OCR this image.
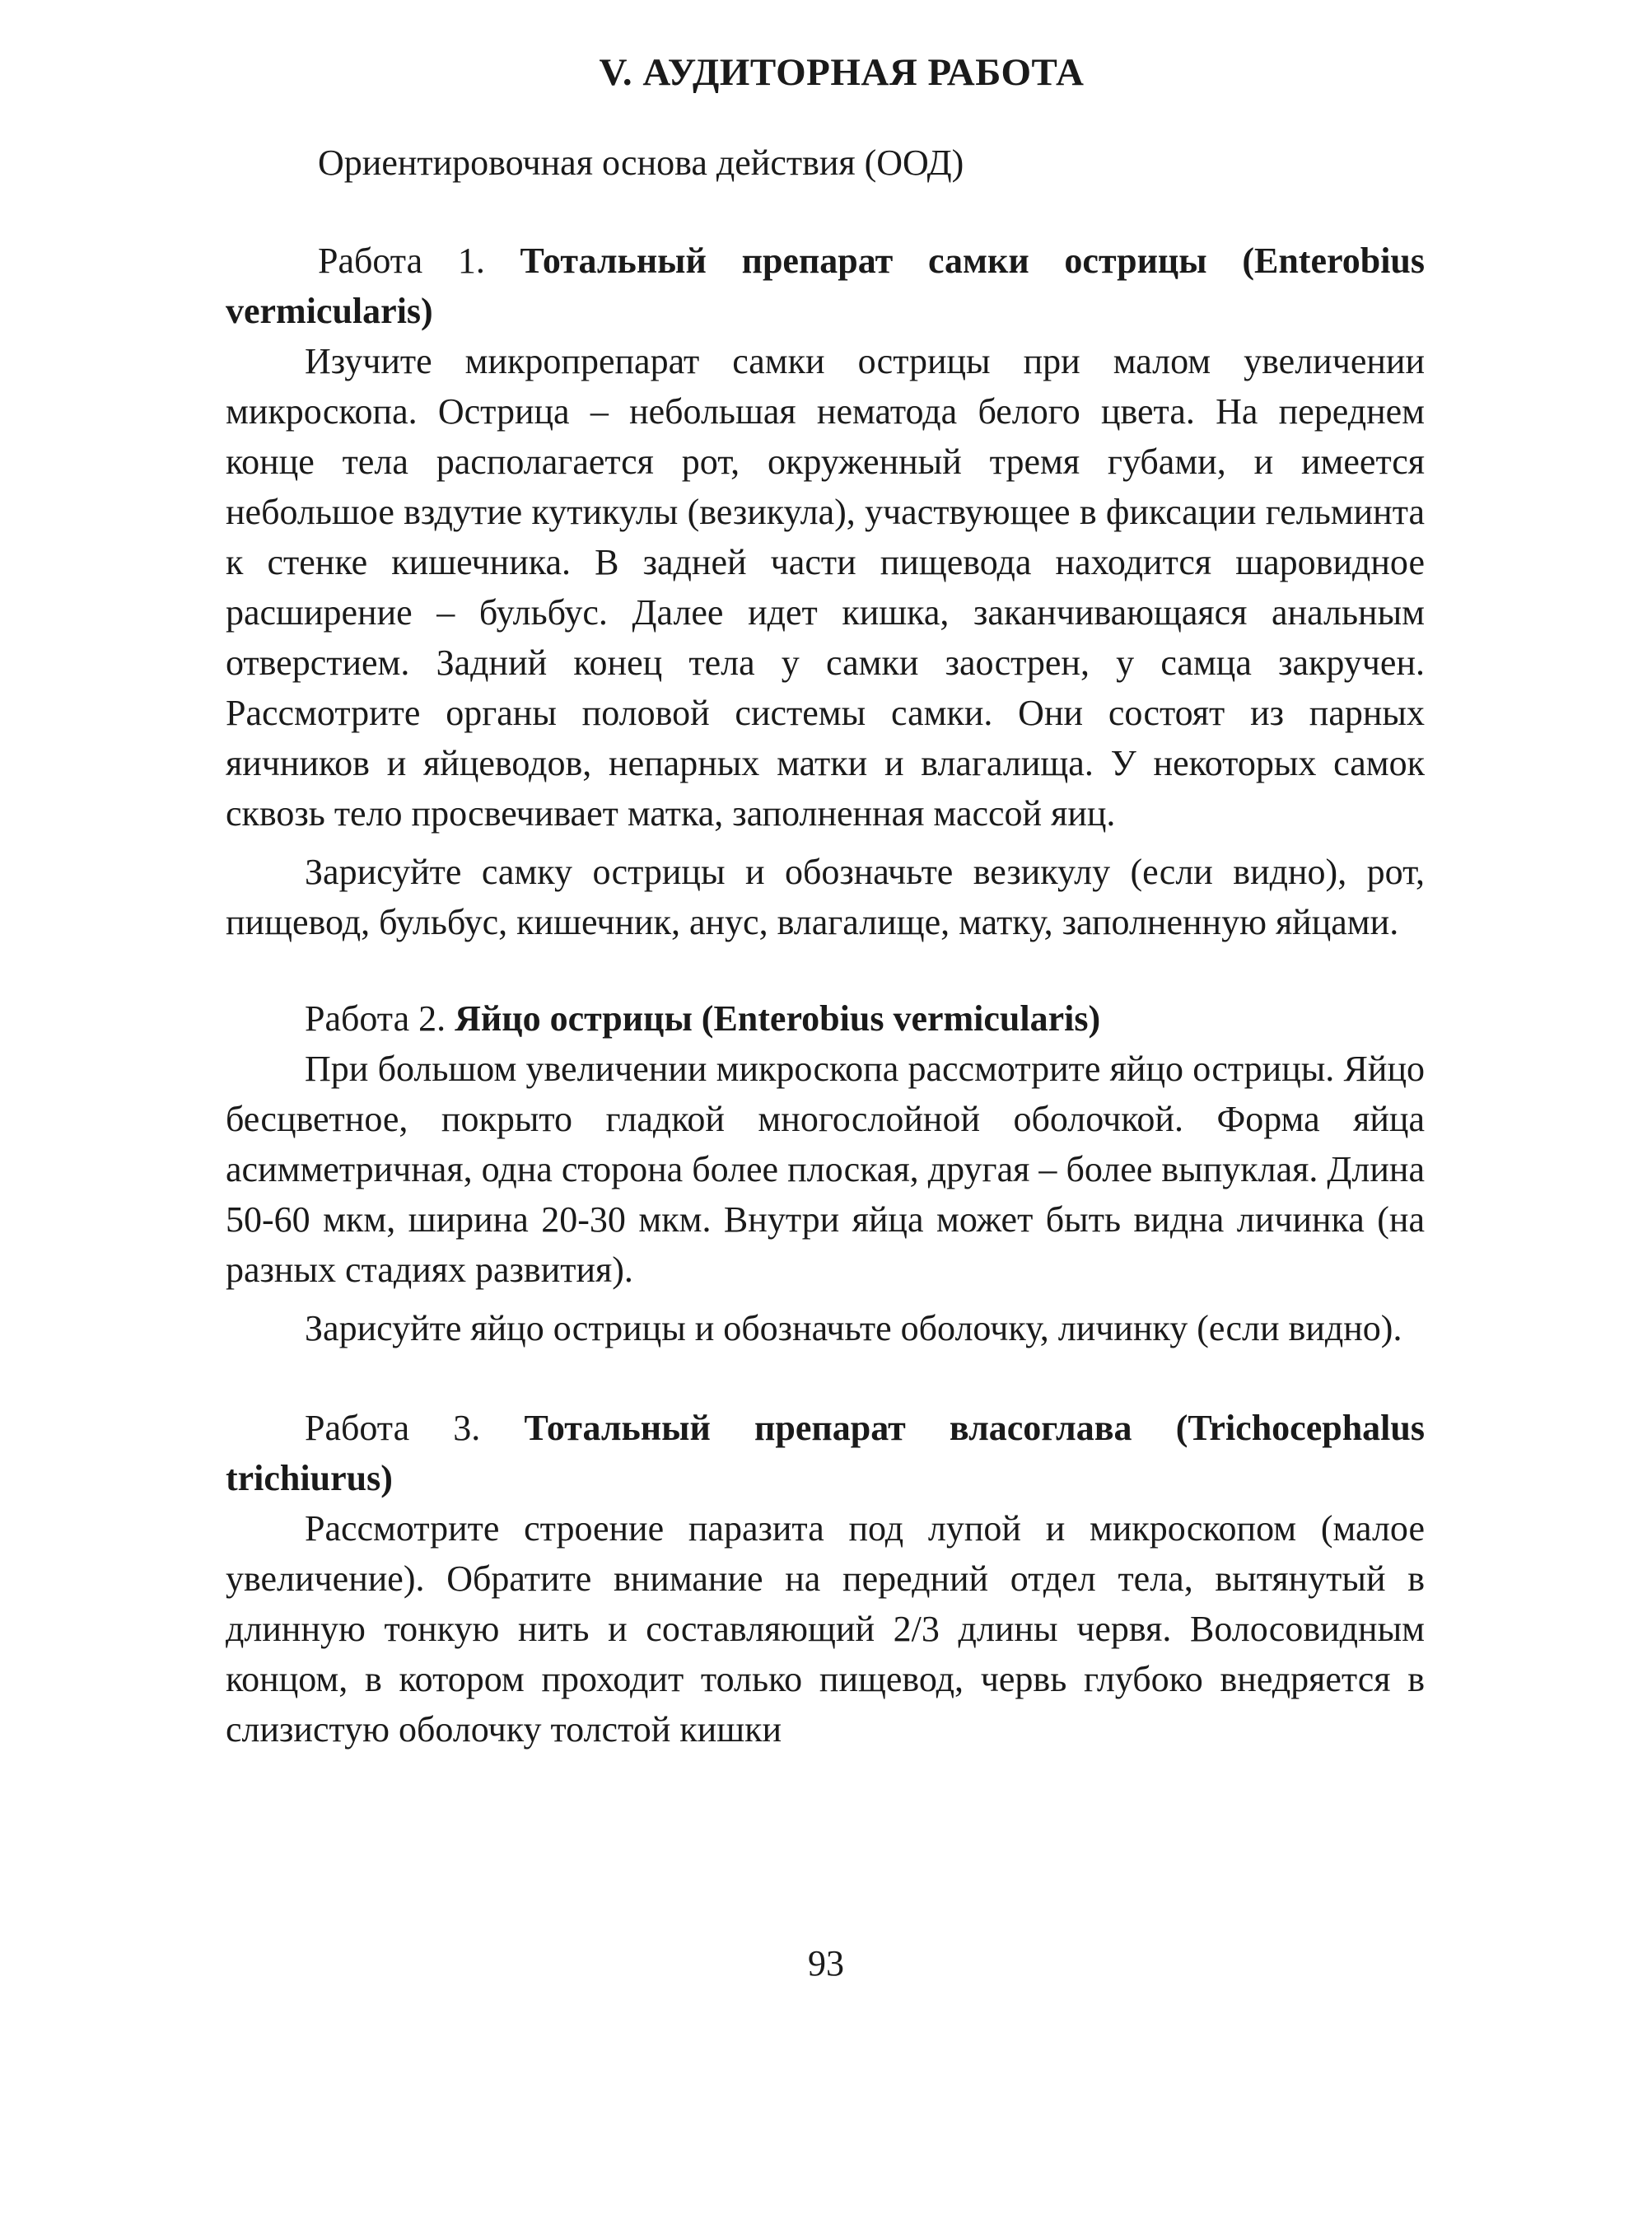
V. АУДИТОРНАЯ РАБОТА
Ориентировочная основа действия (ООД)

Работа 1. Тотальный препарат самки острицы (Enterobius vermicularis)

Изучите микропрепарат самки острицы при малом увеличении микроскопа. Острица – небольшая нематода белого цвета. На переднем конце тела располагается рот, окруженный тремя губами, и имеется небольшое вздутие кутикулы (везикула), участвующее в фиксации гельминта к стенке кишечника. В задней части пищевода находится шаровидное расширение – бульбус. Далее идет кишка, заканчивающаяся анальным отверстием. Задний конец тела у самки заострен, у самца закручен. Рассмотрите органы половой системы самки. Они состоят из парных яичников и яйцеводов, непарных матки и влагалища. У некоторых самок сквозь тело просвечивает матка, заполненная массой яиц.

Зарисуйте самку острицы и обозначьте везикулу (если видно), рот, пищевод, бульбус, кишечник, анус, влагалище, матку, заполненную яйцами.

Работа 2. Яйцо острицы (Enterobius vermicularis)

При большом увеличении микроскопа рассмотрите яйцо острицы. Яйцо бесцветное, покрыто гладкой многослойной оболочкой. Форма яйца асимметричная, одна сторона более плоская, другая – более выпуклая. Длина 50-60 мкм, ширина 20-30 мкм. Внутри яйца может быть видна личинка (на разных стадиях развития).

Зарисуйте яйцо острицы и обозначьте оболочку, личинку (если видно).

Работа 3. Тотальный препарат власоглава (Trichocephalus trichiurus)

Рассмотрите строение паразита под лупой и микроскопом (малое увеличение). Обратите внимание на передний отдел тела, вытянутый в длинную тонкую нить и составляющий 2/3 длины червя. Волосовидным концом, в котором проходит только пищевод, червь глубоко внедряется в слизистую оболочку толстой кишки

93
